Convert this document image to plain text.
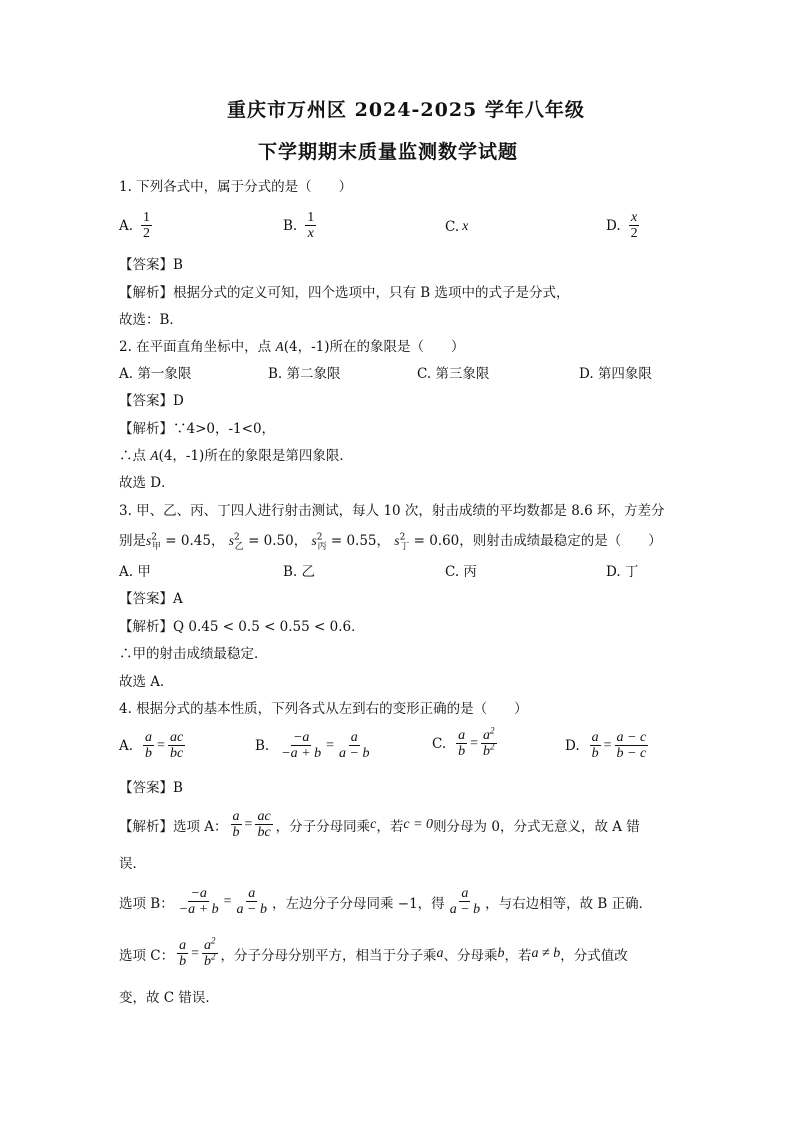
重庆市万州区 2024-2025 学年八年级
下学期期末质量监测数学试题
1. 下列各式中，属于分式的是（　　）
A. $\frac{1}{2}$	B. $\frac{1}{x}$	C. x	D. $\frac{x}{2}$
【答案】B
【解析】根据分式的定义可知，四个选项中，只有 B 选项中的式子是分式，
故选：B．
2. 在平面直角坐标中，点 A(4，-1)所在的象限是（　　）
A. 第一象限	B. 第二象限	C. 第三象限	D. 第四象限
【答案】D
【解析】∵4>0，-1<0，
∴点 A(4，-1)所在的象限是第四象限．
故选 D．
3. 甲、乙、丙、丁四人进行射击测试，每人 10 次，射击成绩的平均数都是 8.6 环，方差分
别是$s^2_甲 = 0.45$， $s^2_乙 = 0.50$， $s^2_丙 = 0.55$， $s^2_丁 = 0.60$，则射击成绩最稳定的是（　　）
A. 甲	B. 乙	C. 丙	D. 丁
【答案】A
【解析】Q 0.45 < 0.5 < 0.55 < 0.6．
∴甲的射击成绩最稳定．
故选 A．
4. 根据分式的基本性质，下列各式从左到右的变形正确的是（　　）
A. $\frac{a}{b} = \frac{ac}{bc}$	B. $\frac{-a}{-a + b} = \frac{a}{a - b}$	C. $\frac{a}{b} = \frac{a^2}{b^2}$	D. $\frac{a}{b} = \frac{a - c}{b - c}$
【答案】B
【解析】选项 A： $\frac{a}{b} = \frac{ac}{bc}$ ，分子分母同乘 c ，若 c = 0 则分母为 0，分式无意义，故 A 错
误．
选项 B： $\frac{-a}{-a + b} = \frac{a}{a - b}$ ，左边分子分母同乘 −1，得 $\frac{a}{a - b}$ ，与右边相等，故 B 正确．
选项 C： $\frac{a}{b} = \frac{a^2}{b^2}$ ，分子分母分别平方，相当于分子乘 a 、分母乘 b ，若 a ≠ b ，分式值改
变，故 C 错误．
